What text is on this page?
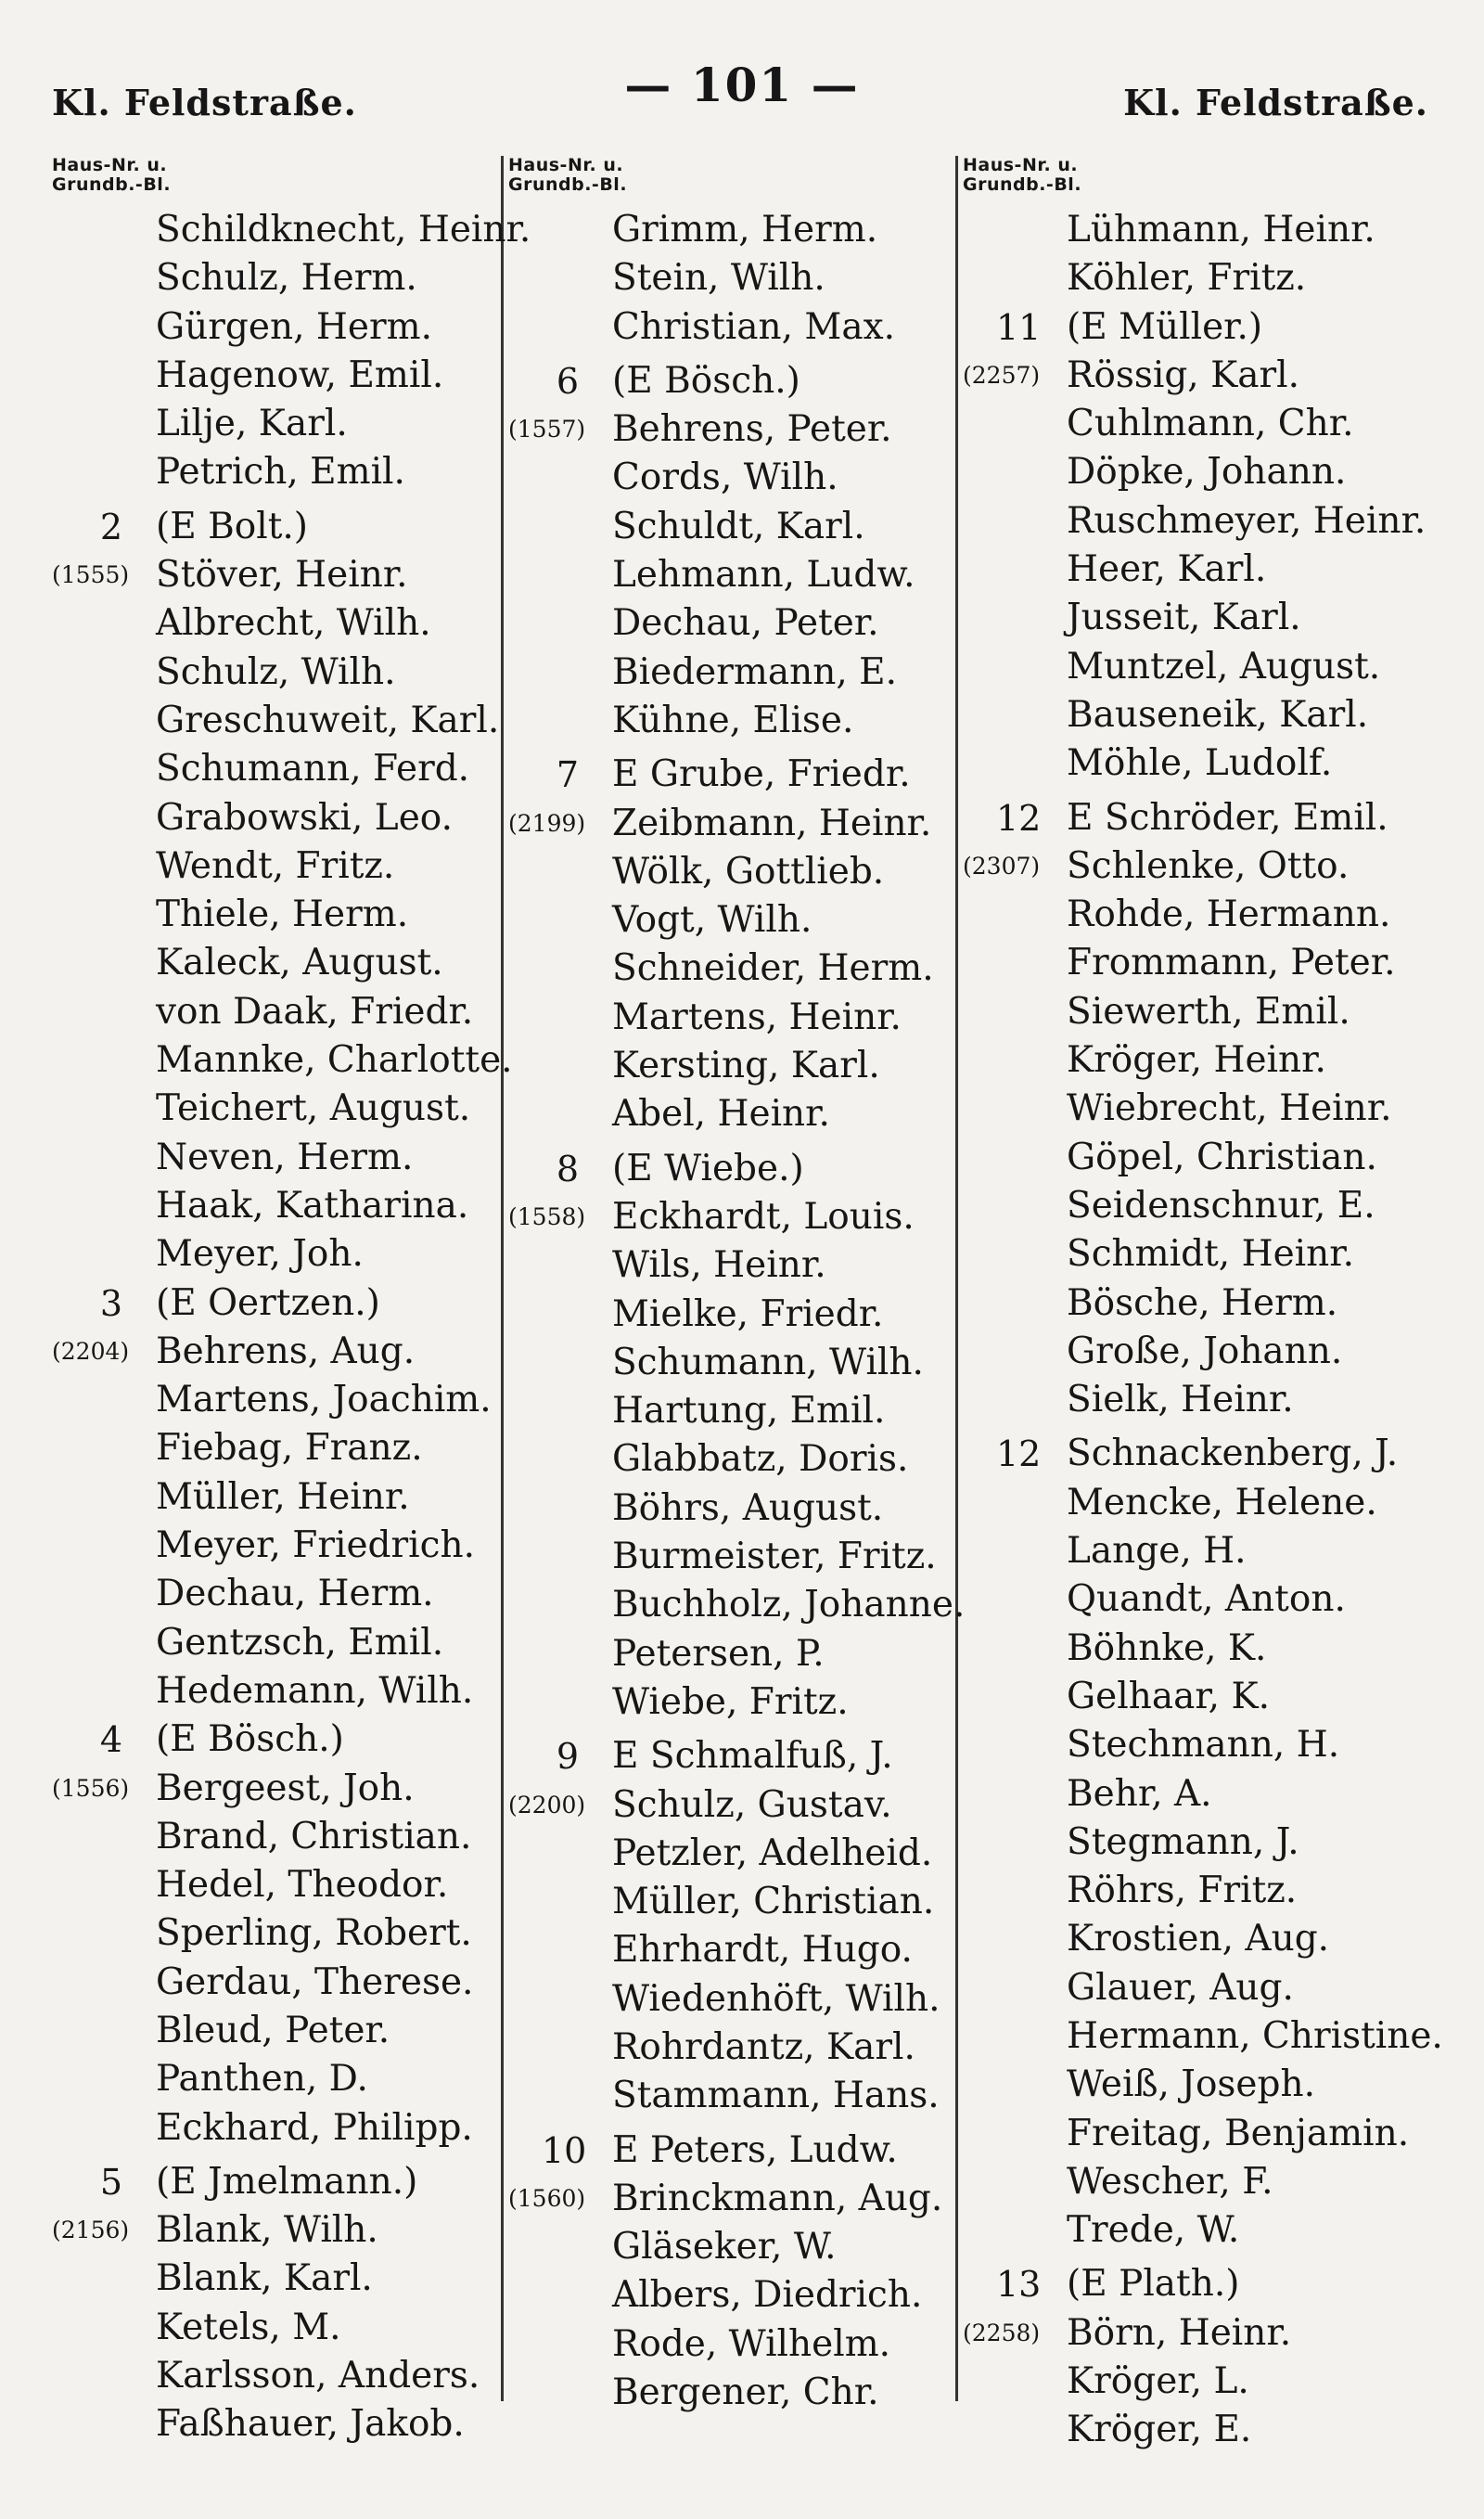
Kl. Feldstraße.	— 101 —	Kl. Feldstraße.
Haus-Nr. u.
Grundb.-Bl.
Schildknecht, Heinr.
Schulz, Herm.
Gürgen, Herm.
Hagenow, Emil.
Lilje, Karl.
Petrich, Emil.
2 (E Bolt.)
(1555) Stöver, Heinr.
Albrecht, Wilh.
Schulz, Wilh.
Greschuweit, Karl.
Schumann, Ferd.
Grabowski, Leo.
Wendt, Fritz.
Thiele, Herm.
Kaleck, August.
von Daak, Friedr.
Mannke, Charlotte.
Teichert, August.
Neven, Herm.
Haak, Katharina.
Meyer, Joh.
3 (E Oertzen.)
(2204) Behrens, Aug.
Martens, Joachim.
Fiebag, Franz.
Müller, Heinr.
Meyer, Friedrich.
Dechau, Herm.
Gentzsch, Emil.
Hedemann, Wilh.
4 (E Bösch.)
(1556) Bergeest, Joh.
Brand, Christian.
Hedel, Theodor.
Sperling, Robert.
Gerdau, Therese.
Bleud, Peter.
Panthen, D.
Eckhard, Philipp.
5 (E Jmelmann.)
(2156) Blank, Wilh.
Blank, Karl.
Ketels, M.
Karlsson, Anders.
Faßhauer, Jakob.
Haus-Nr. u.
Grundb.-Bl.
Grimm, Herm.
Stein, Wilh.
Christian, Max.
6 (E Bösch.)
(1557) Behrens, Peter.
Cords, Wilh.
Schuldt, Karl.
Lehmann, Ludw.
Dechau, Peter.
Biedermann, E.
Kühne, Elise.
7 E Grube, Friedr.
(2199) Zeibmann, Heinr.
Wölk, Gottlieb.
Vogt, Wilh.
Schneider, Herm.
Martens, Heinr.
Kersting, Karl.
Abel, Heinr.
8 (E Wiebe.)
(1558) Eckhardt, Louis.
Wils, Heinr.
Mielke, Friedr.
Schumann, Wilh.
Hartung, Emil.
Glabbatz, Doris.
Böhrs, August.
Burmeister, Fritz.
Buchholz, Johanne.
Petersen, P.
Wiebe, Fritz.
9 E Schmalfuß, J.
(2200) Schulz, Gustav.
Petzler, Adelheid.
Müller, Christian.
Ehrhardt, Hugo.
Wiedenhöft, Wilh.
Rohrdantz, Karl.
Stammann, Hans.
10 E Peters, Ludw.
(1560) Brinckmann, Aug.
Gläseker, W.
Albers, Diedrich.
Rode, Wilhelm.
Bergener, Chr.
Haus-Nr. u.
Grundb.-Bl.
Lühmann, Heinr.
Köhler, Fritz.
11 (E Müller.)
(2257) Rössig, Karl.
Cuhlmann, Chr.
Döpke, Johann.
Ruschmeyer, Heinr.
Heer, Karl.
Jusseit, Karl.
Muntzel, August.
Bauseneik, Karl.
Möhle, Ludolf.
12 E Schröder, Emil.
(2307) Schlenke, Otto.
Rohde, Hermann.
Frommann, Peter.
Siewerth, Emil.
Kröger, Heinr.
Wiebrecht, Heinr.
Göpel, Christian.
Seidenschnur, E.
Schmidt, Heinr.
Bösche, Herm.
Große, Johann.
Sielk, Heinr.
12 Schnackenberg, J.
Mencke, Helene.
Lange, H.
Quandt, Anton.
Böhnke, K.
Gelhaar, K.
Stechmann, H.
Behr, A.
Stegmann, J.
Röhrs, Fritz.
Krostien, Aug.
Glauer, Aug.
Hermann, Christine.
Weiß, Joseph.
Freitag, Benjamin.
Wescher, F.
Trede, W.
13 (E Plath.)
(2258) Börn, Heinr.
Kröger, L.
Kröger, E.
